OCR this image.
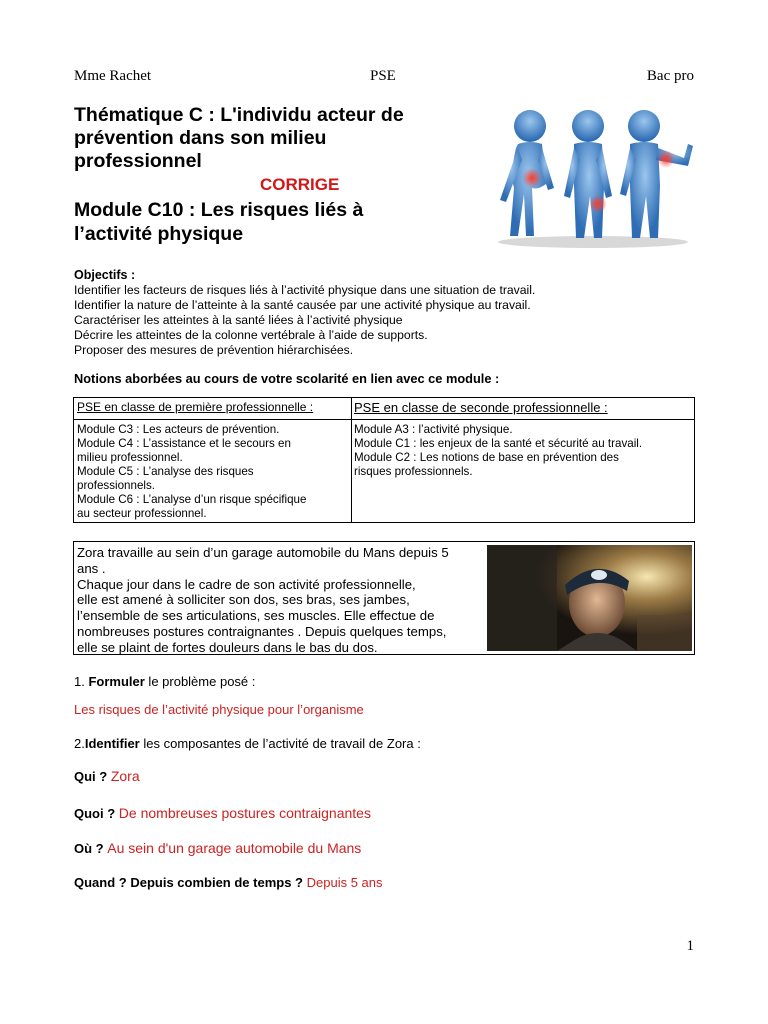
Mme Rachet	PSE	Bac pro
Thématique C : L'individu acteur de
prévention dans son milieu
professionnel
CORRIGE
Module C10 : Les risques liés à
l’activité physique
Objectifs :
Identifier les facteurs de risques liés à l’activité physique dans une situation de travail.
Identifier la nature de l’atteinte à la santé causée par une activité physique au travail.
Caractériser les atteintes à la santé liées à l’activité physique
Décrire les atteintes de la colonne vertébrale à l’aide de supports.
Proposer des mesures de prévention hiérarchisées.
Notions aborbées au cours de votre scolarité en lien avec ce module :
PSE en classe de première professionnelle :
Module C3 : Les acteurs de prévention.
Module C4 : L’assistance et le secours en
milieu professionnel.
Module C5 : L’analyse des risques
professionnels.
Module C6 : L’analyse d’un risque spécifique
au secteur professionnel.
PSE en classe de seconde professionnelle :
Module A3 : l’activité physique.
Module C1 : les enjeux de la santé et sécurité au travail.
Module C2 : Les notions de base en prévention des
risques professionnels.
Zora travaille au sein d’un garage automobile du Mans depuis 5
ans .
Chaque jour dans le cadre de son activité professionnelle,
elle est amené à solliciter son dos, ses bras, ses jambes,
l’ensemble de ses articulations, ses muscles. Elle effectue de
nombreuses postures contraignantes . Depuis quelques temps,
elle se plaint de fortes douleurs dans le bas du dos.
1. Formuler le problème posé :
Les risques de l’activité physique pour l’organisme
2.Identifier les composantes de l’activité de travail de Zora :
Qui ? Zora
Quoi ? De nombreuses postures contraignantes
Où ? Au sein d'un garage automobile du Mans
Quand ? Depuis combien de temps ? Depuis 5 ans
1
